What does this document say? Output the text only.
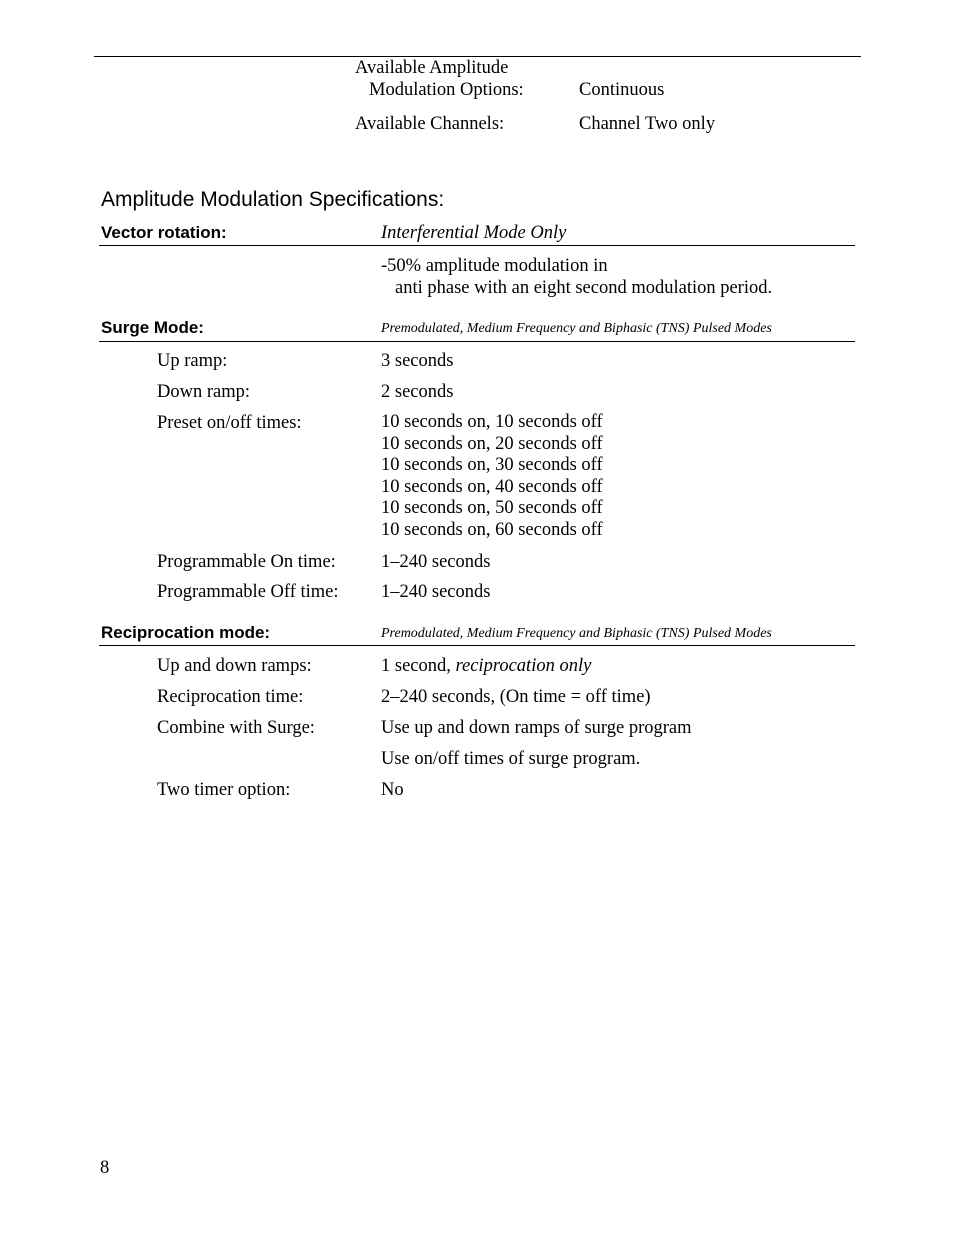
Available Amplitude
Modulation Options:	Continuous
Available Channels:	Channel Two only
Amplitude Modulation Specifications:
Vector rotation:	Interferential Mode Only
-50% amplitude modulation in
anti phase with an eight second modulation period.
Surge Mode:	Premodulated, Medium Frequency and Biphasic (TNS) Pulsed Modes
Up ramp:	3 seconds
Down ramp:	2 seconds
Preset on/off times:	10 seconds on, 10 seconds off
10 seconds on, 20 seconds off
10 seconds on, 30 seconds off
10 seconds on, 40 seconds off
10 seconds on, 50 seconds off
10 seconds on, 60 seconds off
Programmable On time: 1–240 seconds
Programmable Off time: 1–240 seconds
Reciprocation mode:	Premodulated, Medium Frequency and Biphasic (TNS) Pulsed Modes
Up and down ramps:	1 second, reciprocation only
Reciprocation time:	2–240 seconds, (On time = off time)
Combine with Surge:	Use up and down ramps of surge program
Use on/off times of surge program.
Two timer option:	No
8
